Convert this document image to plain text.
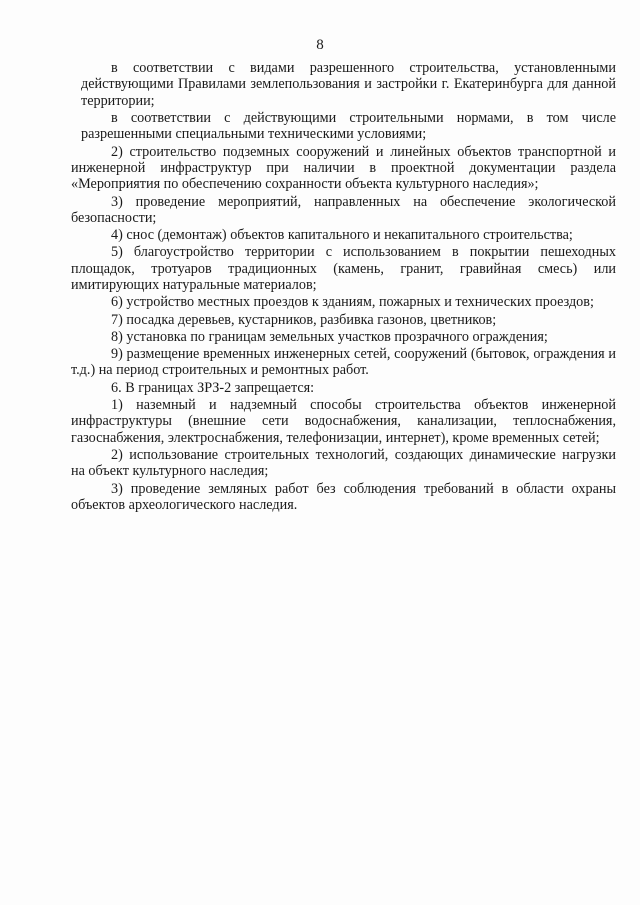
8

в соответствии с видами разрешенного строительства, установленными действующими Правилами землепользования и застройки г. Екатеринбурга для данной территории;

в соответствии с действующими строительными нормами, в том числе разрешенными специальными техническими условиями;

2) строительство подземных сооружений и линейных объектов транспортной и инженерной инфраструктур при наличии в проектной документации раздела «Мероприятия по обеспечению сохранности объекта культурного наследия»;

3) проведение мероприятий, направленных на обеспечение экологической безопасности;

4) снос (демонтаж) объектов капитального и некапитального строительства;

5) благоустройство территории с использованием в покрытии пешеходных площадок, тротуаров традиционных (камень, гранит, гравийная смесь) или имитирующих натуральные материалов;

6) устройство местных проездов к зданиям, пожарных и технических проездов;

7) посадка деревьев, кустарников, разбивка газонов, цветников;

8) установка по границам земельных участков прозрачного ограждения;

9) размещение временных инженерных сетей, сооружений (бытовок, ограждения и т.д.) на период строительных и ремонтных работ.

6. В границах ЗРЗ-2 запрещается:

1) наземный и надземный способы строительства объектов инженерной инфраструктуры (внешние сети водоснабжения, канализации, теплоснабжения, газоснабжения, электроснабжения, телефонизации, интернет), кроме временных сетей;

2) использование строительных технологий, создающих динамические нагрузки на объект культурного наследия;

3) проведение земляных работ без соблюдения требований в области охраны объектов археологического наследия.
